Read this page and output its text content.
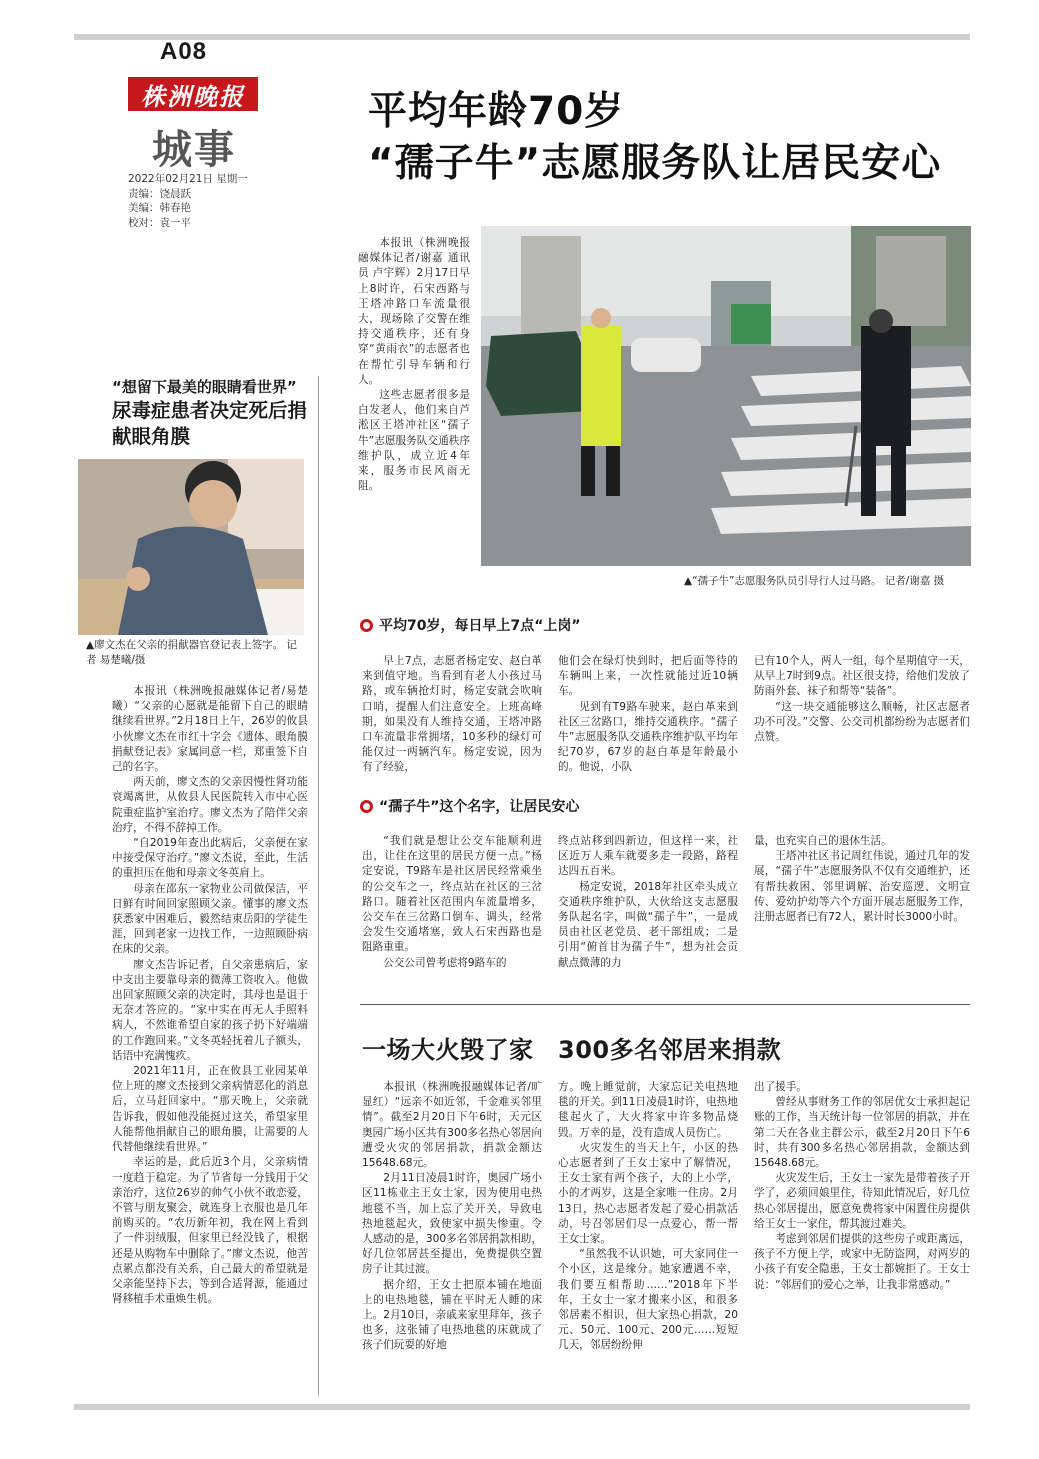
A08
株洲晚报
城事
2022年02月21日 星期一
责编：饶晨跃
美编：韩春艳
校对：袁一平
平均年龄70岁
“孺子牛”志愿服务队让居民安心

本报讯（株洲晚报融媒体记者/谢嘉 通讯员 卢宇辉）2月17日早上8时许，石宋西路与王塔冲路口车流量很大，现场除了交警在维持交通秩序，还有身穿“黄雨衣”的志愿者也在帮忙引导车辆和行人。

这些志愿者很多是白发老人，他们来自芦淞区王塔冲社区“孺子牛”志愿服务队交通秩序维护队，成立近4年来，服务市民风雨无阻。

▲“孺子牛”志愿服务队员引导行人过马路。 记者/谢嘉 摄
“想留下最美的眼睛看世界”
尿毒症患者决定死后捐献眼角膜
▲廖文杰在父亲的捐献器官登记表上签字。 记者 易楚曦/摄

本报讯（株洲晚报融媒体记者/易楚曦）“父亲的心愿就是能留下自己的眼睛继续看世界。”2月18日上午，26岁的攸县小伙廖文杰在市红十字会《遗体、眼角膜捐献登记表》家属同意一栏，郑重签下自己的名字。

两天前，廖文杰的父亲因慢性肾功能衰竭离世，从攸县人民医院转入市中心医院重症监护室治疗。廖文杰为了陪伴父亲治疗，不得不辞掉工作。

“自2019年查出此病后，父亲便在家中接受保守治疗。”廖文杰说，至此，生活的重担压在他和母亲文冬英肩上。

母亲在邵东一家物业公司做保洁，平日鲜有时间回家照顾父亲。懂事的廖文杰获悉家中困难后，毅然结束岳阳的学徒生涯，回到老家一边找工作，一边照顾卧病在床的父亲。

廖文杰告诉记者，自父亲患病后，家中支出主要靠母亲的微薄工资收入。他做出回家照顾父亲的决定时，其母也是诅于无奈才答应的。“家中实在再无人手照料病人，不然谁希望自家的孩子扔下好端端的工作跑回来。”文冬英轻抚着儿子额头，话语中充满愧疚。

2021年11月，正在攸县工业园某单位上班的廖文杰接到父亲病情恶化的消息后，立马赶回家中。“那天晚上，父亲就告诉我，假如他没能挺过这关，希望家里人能帮他捐献自己的眼角膜，让需要的人代替他继续看世界。”

幸运的是，此后近3个月，父亲病情一度趋于稳定。为了节省每一分钱用于父亲治疗，这位26岁的帅气小伙不敢恋爱，不管与朋友聚会，就连身上衣服也是几年前购买的。“农历新年初，我在网上看到了一件羽绒服，但家里已经没钱了，根据还是从购物车中删除了。”廖文杰说，他苦点累点都没有关系，自己最大的希望就是父亲能坚持下去，等到合适肾源，能通过肾移植手术重焕生机。

平均70岁，每日早上7点“上岗”

早上7点，志愿者杨定安、赵白革来到值守地。当看到有老人小孩过马路，或车辆抢灯时，杨定安就会吹响口哨，提醒人们注意安全。上班高峰期，如果没有人维持交通，王塔冲路口车流量非常拥堵，10多秒的绿灯可能仅过一两辆汽车。杨定安说，因为有了经验，

他们会在绿灯快到时，把后面等待的车辆叫上来，一次性就能过近10辆车。

见到有T9路车驶来，赵白革来到社区三岔路口，维持交通秩序。“孺子牛”志愿服务队交通秩序维护队平均年纪70岁，67岁的赵白革是年龄最小的。他说，小队

已有10个人，两人一组，每个星期值守一天，从早上7时到9点。社区很支持，给他们发放了防雨外套、袜子和帮等“装备”。

“这一块交通能够这么顺畅，社区志愿者功不可没。”交警、公交司机都纷纷为志愿者们点赞。

“孺子牛”这个名字，让居民安心

“我们就是想让公交车能顺利进出，让住在这里的居民方便一点。”杨定安说，T9路车是社区居民经常乘坐的公交车之一，终点站在社区的三岔路口。随着社区范围内车流量增多，公交车在三岔路口倒车、调头，经常会发生交通堵塞，致人石宋西路也是阻路重重。

公交公司曾考虑将9路车的

终点站移到四新边，但这样一来，社区近万人乘车就要多走一段路，路程达四五百米。

杨定安说，2018年社区牵头成立交通秩序维护队，大伙给这支志愿服务队起名字，叫做“孺子牛”，一是成员由社区老党员、老干部组成；二是引用“俯首甘为孺子牛”，想为社会贡献点微薄的力

量，也充实自己的退休生活。

王塔冲社区书记周红伟说，通过几年的发展，“孺子牛”志愿服务队不仅有交通维护，还有帮扶救困、邻里调解、治安巡逻、文明宣传、爱幼护幼等六个方面开展志愿服务工作，注册志愿者已有72人，累计时长3000小时。

一场大火毁了家　300多名邻居来捐款

本报讯（株洲晚报融媒体记者/旷显红）“远亲不如近邻，千金难买邻里情”。截至2月20日下午6时，天元区奥园广场小区共有300多名热心邻居向遭受火灾的邻居捐款，捐款金额达15648.68元。

2月11日凌晨1时许，奥园广场小区11栋业主王女士家，因为使用电热地毯不当，加上忘了关开关，导致电热地毯起火，致使家中损失惨重。令人感动的是，300多名邻居捐款相助，好几位邻居甚至提出，免费提供空置房子让其过渡。

据介绍，王女士把原本铺在地面上的电热地毯，铺在平时无人睡的床上。2月10日，亲戚来家里拜年，孩子也多，这张铺了电热地毯的床就成了孩子们玩耍的好地

方。晚上睡觉前，大家忘记关电热地毯的开关。到11日凌晨1时许，电热地毯起火了，大火将家中许多物品烧毁。万幸的是，没有造成人员伤亡。

火灾发生的当天上午，小区的热心志愿者到了王女士家中了解情况，王女士家有两个孩子，大的上小学，小的才两岁，这是全家唯一住房。2月13日，热心志愿者发起了爱心捐款活动，号召邻居们尽一点爱心，帮一帮王女士家。

“虽然我不认识她，可大家同住一个小区，这是缘分。她家遭遇不幸，我们要互相帮助……”2018年下半年，王女士一家才搬来小区，和很多邻居素不相识，但大家热心捐款，20元、50元、100元、200元……短短几天，邻居纷纷伸

出了援手。

曾经从事财务工作的邻居优女士承担起记账的工作，当天统计每一位邻居的捐款，并在第二天在各业主群公示，截至2月20日下午6时，共有300多名热心邻居捐款，金额达到15648.68元。

火灾发生后，王女士一家先是带着孩子开学了，必须回娘里住，待知此情况后，好几位热心邻居提出，愿意免费将家中闲置住房提供给王女士一家住，帮其渡过难关。

考虑到邻居们提供的这些房子或距离远，孩子不方便上学，或家中无防盗网，对两岁的小孩子有安全隐患，王女士都婉拒了。王女士说：“邻居们的爱心之举，让我非常感动。”
